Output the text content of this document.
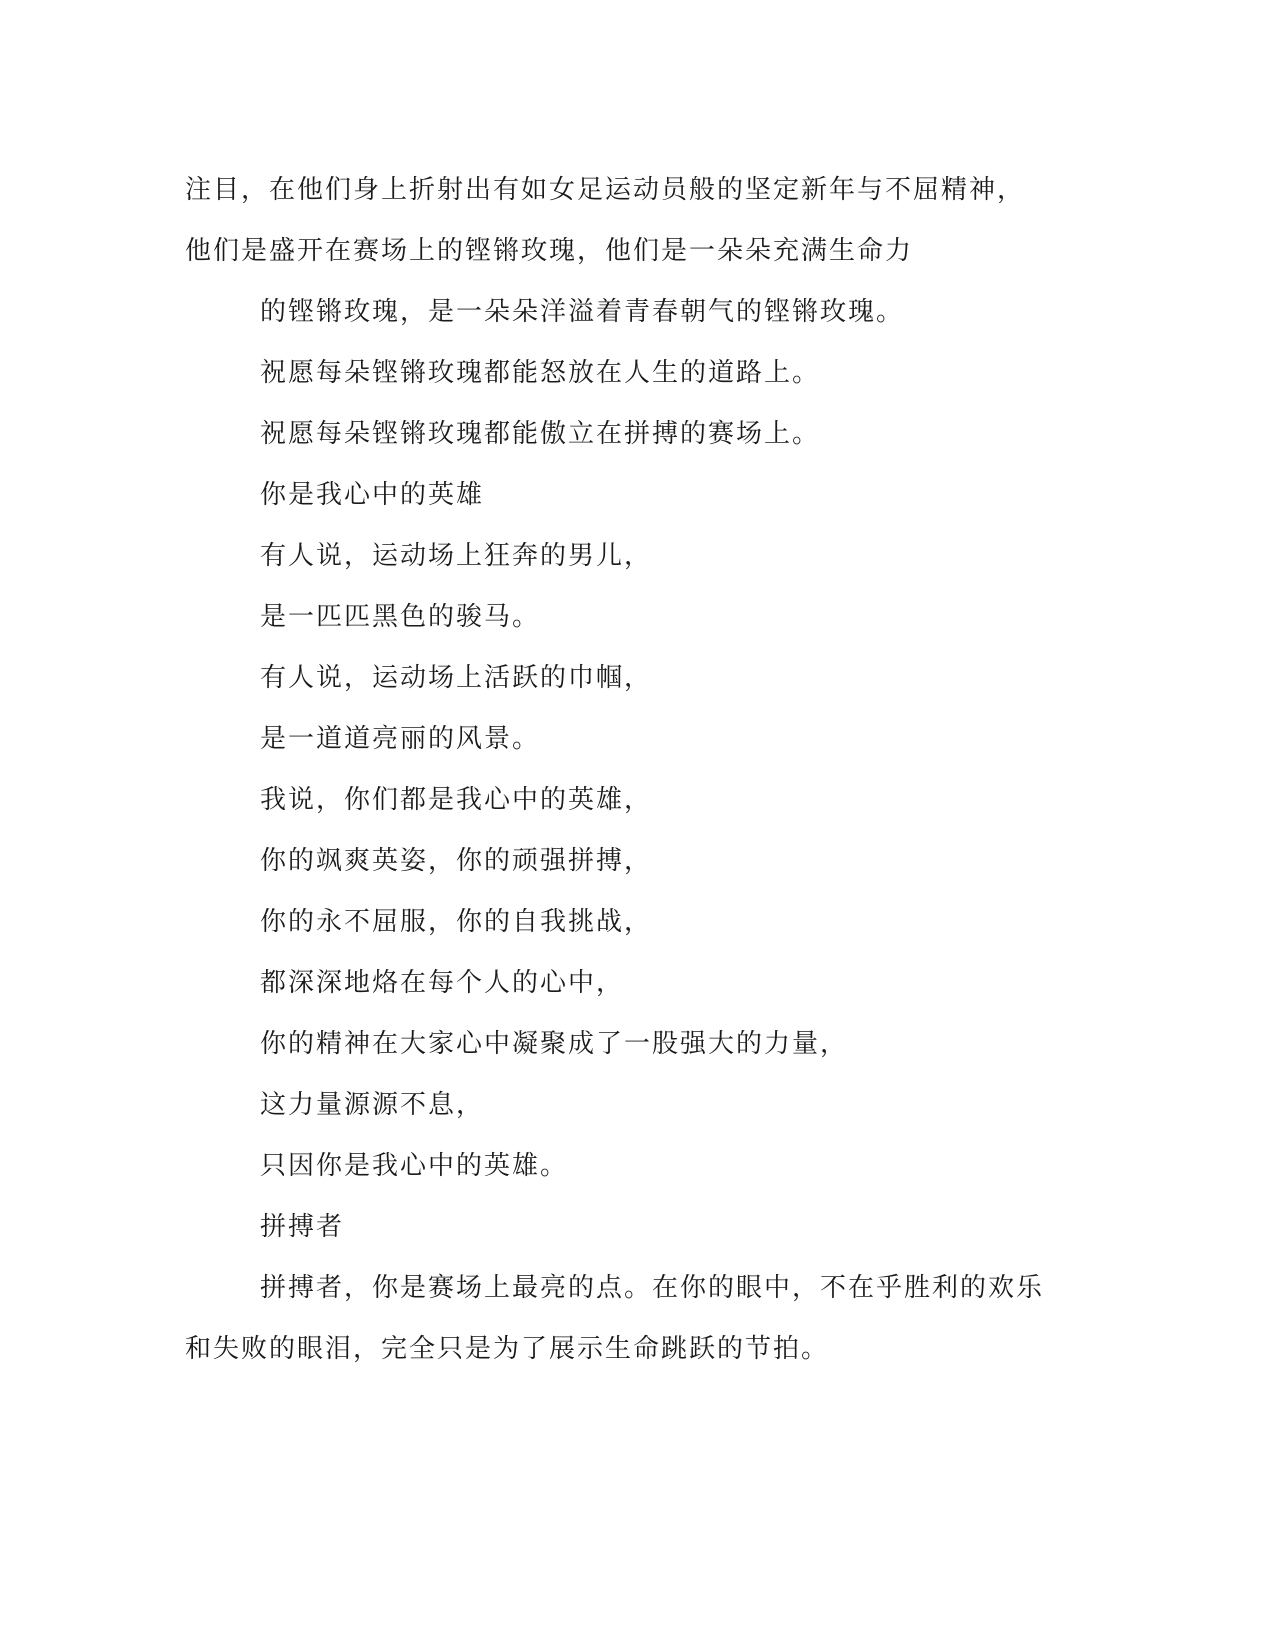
注目，在他们身上折射出有如女足运动员般的坚定新年与不屈精神，

他们是盛开在赛场上的铿锵玫瑰，他们是一朵朵充满生命力

的铿锵玫瑰，是一朵朵洋溢着青春朝气的铿锵玫瑰。

祝愿每朵铿锵玫瑰都能怒放在人生的道路上。

祝愿每朵铿锵玫瑰都能傲立在拼搏的赛场上。

你是我心中的英雄

有人说，运动场上狂奔的男儿，

是一匹匹黑色的骏马。

有人说，运动场上活跃的巾帼，

是一道道亮丽的风景。

我说，你们都是我心中的英雄，

你的飒爽英姿，你的顽强拼搏，

你的永不屈服，你的自我挑战，

都深深地烙在每个人的心中，

你的精神在大家心中凝聚成了一股强大的力量，

这力量源源不息，

只因你是我心中的英雄。

拼搏者

拼搏者，你是赛场上最亮的点。在你的眼中，不在乎胜利的欢乐

和失败的眼泪，完全只是为了展示生命跳跃的节拍。
